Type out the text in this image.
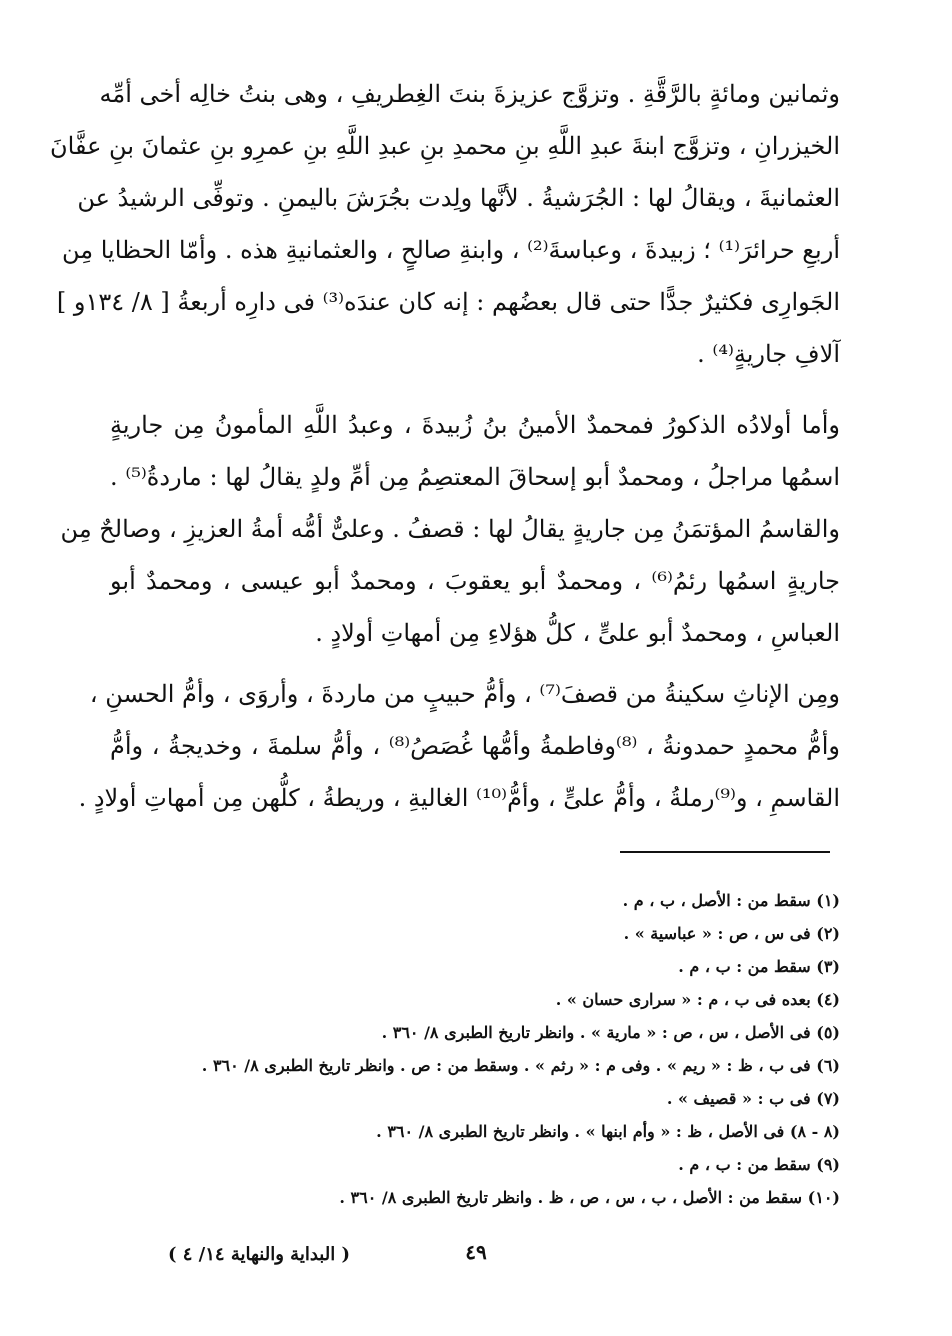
وثمانين ومائةٍ بالرَّقَّةِ . وتزوَّج عزيزةَ بنتَ الغِطريفِ ، وهى بنتُ خالِه أخى أمِّه
الخيزرانِ ، وتزوَّج ابنةَ عبدِ اللَّهِ بنِ محمدِ بنِ عبدِ اللَّهِ بنِ عمرِو بنِ عثمانَ بنِ عفَّانَ
العثمانيةَ ، ويقالُ لها : الجُرَشيةُ . لأنَّها ولِدت بجُرَشَ باليمنِ . وتوفِّى الرشيدُ عن
أربعِ حرائرَ⁽¹⁾ ؛ زبيدةَ ، وعباسةَ⁽²⁾ ، وابنةِ صالحٍ ، والعثمانيةِ هذه . وأمّا الحظايا مِن
الجَوارِى فكثيرٌ جدًّا حتى قال بعضُهم : إنه كان عندَه⁽³⁾ فى دارِه أربعةُ [ ٨/ ١٣٤و ]
آلافِ جاريةٍ⁽⁴⁾ .
وأما أولادُه الذكورُ فمحمدٌ الأمينُ بنُ زُبيدةَ ، وعبدُ اللَّهِ المأمونُ مِن جاريةٍ
اسمُها مراجلُ ، ومحمدٌ أبو إسحاقَ المعتصِمُ مِن أمِّ ولدٍ يقالُ لها : ماردةُ⁽⁵⁾ .
والقاسمُ المؤتمَنُ مِن جاريةٍ يقالُ لها : قصفُ . وعلىٌّ أمُّه أمةُ العزيزِ ، وصالحٌ مِن
جاريةٍ اسمُها رئمُ⁽⁶⁾ ، ومحمدٌ أبو يعقوبَ ، ومحمدٌ أبو عيسى ، ومحمدٌ أبو
العباسِ ، ومحمدٌ أبو علىٍّ ، كلُّ هؤلاءِ مِن أمهاتِ أولادٍ .
ومِن الإناثِ سكينةُ من قصفَ⁽⁷⁾ ، وأمُّ حبيبٍ من ماردةَ ، وأروَى ، وأمُّ الحسنِ ،
وأمُّ محمدٍ حمدونةُ ، ⁽⁸⁾وفاطمةُ وأمُّها غُصَصُ⁽⁸⁾ ، وأمُّ سلمةَ ، وخديجةُ ، وأمُّ
القاسمِ ، و⁽⁹⁾رملةُ ، وأمُّ علىٍّ ، وأمُّ⁽¹⁰⁾ الغاليةِ ، وريطةُ ، كلُّهن مِن أمهاتِ أولادٍ .
(١) سقط من : الأصل ، ب ، م .
(٢) فى س ، ص : « عباسية » .
(٣) سقط من : ب ، م .
(٤) بعده فى ب ، م : « سرارى حسان » .
(٥) فى الأصل ، س ، ص : « مارية » . وانظر تاريخ الطبرى ٨/ ٣٦٠ .
(٦) فى ب ، ظ : « ريم » . وفى م : « رثم » . وسقط من : ص . وانظر تاريخ الطبرى ٨/ ٣٦٠ .
(٧) فى ب : « قصيف » .
(٨ - ٨) فى الأصل ، ظ : « وأم ابنها » . وانظر تاريخ الطبرى ٨/ ٣٦٠ .
(٩) سقط من : ب ، م .
(١٠) سقط من : الأصل ، ب ، س ، ص ، ظ . وانظر تاريخ الطبرى ٨/ ٣٦٠ .
٤٩
( البداية والنهاية ١٤/ ٤ )
